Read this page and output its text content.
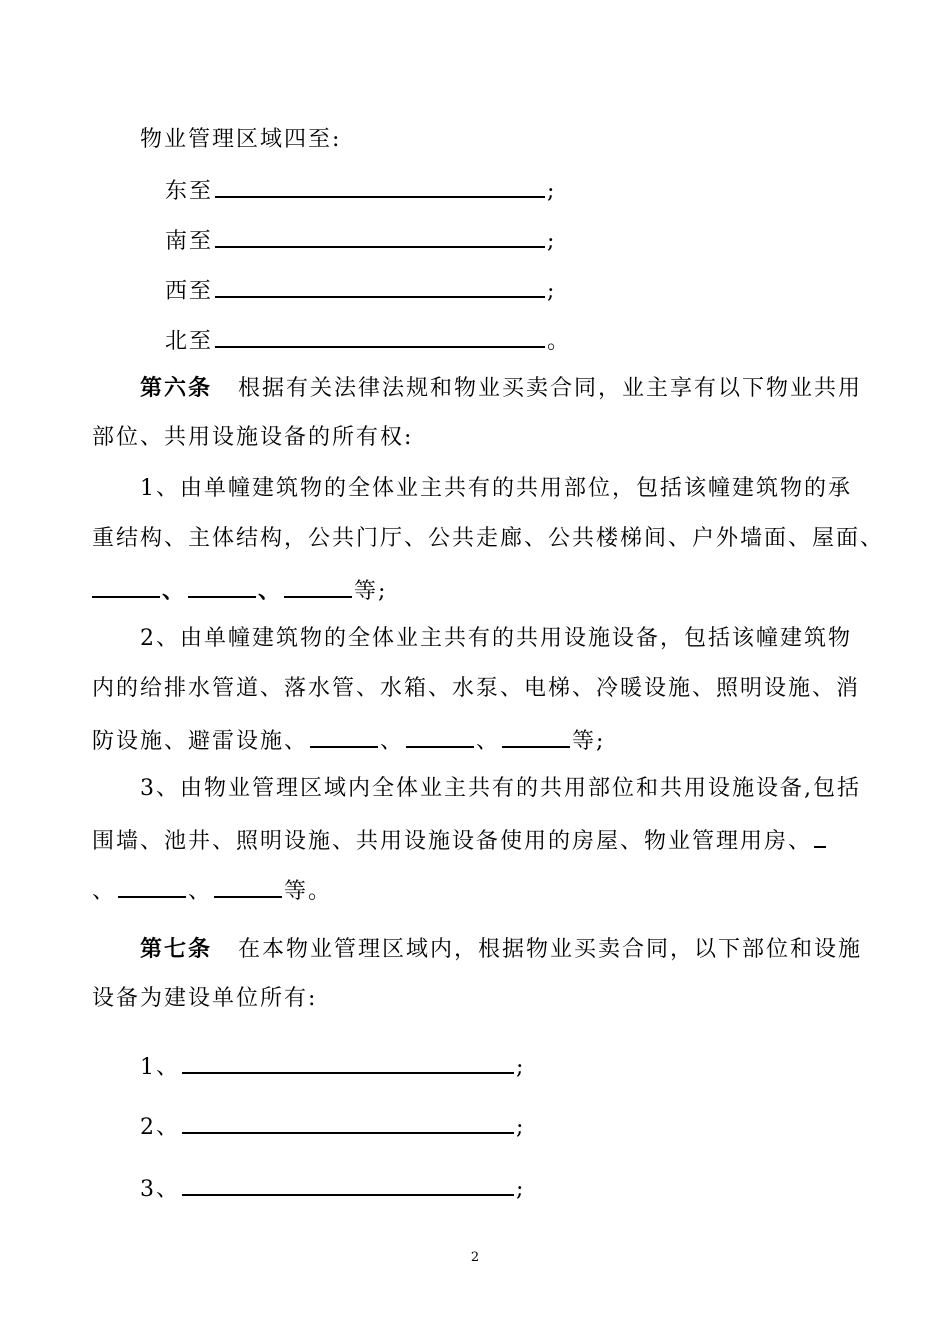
物业管理区域四至:
东至	;
南至	;
西至	;
北至	。
第六条 根据有关法律法规和物业买卖合同，业主享有以下物业共用
部位、共用设施设备的所有权:
1、由单幢建筑物的全体业主共有的共用部位，包括该幢建筑物的承
重结构、主体结构，公共门厅、公共走廊、公共楼梯间、户外墙面、屋面、
、	、	等;
2、由单幢建筑物的全体业主共有的共用设施设备，包括该幢建筑物
内的给排水管道、落水管、水箱、水泵、电梯、冷暖设施、照明设施、消
防设施、避雷设施、	、	、	等;
3、由物业管理区域内全体业主共有的共用部位和共用设施设备,包括
围墙、池井、照明设施、共用设施设备使用的房屋、物业管理用房、
、	、	等。
第七条 在本物业管理区域内，根据物业买卖合同，以下部位和设施
设备为建设单位所有:
1、	;
2、	;
3、	;
2
